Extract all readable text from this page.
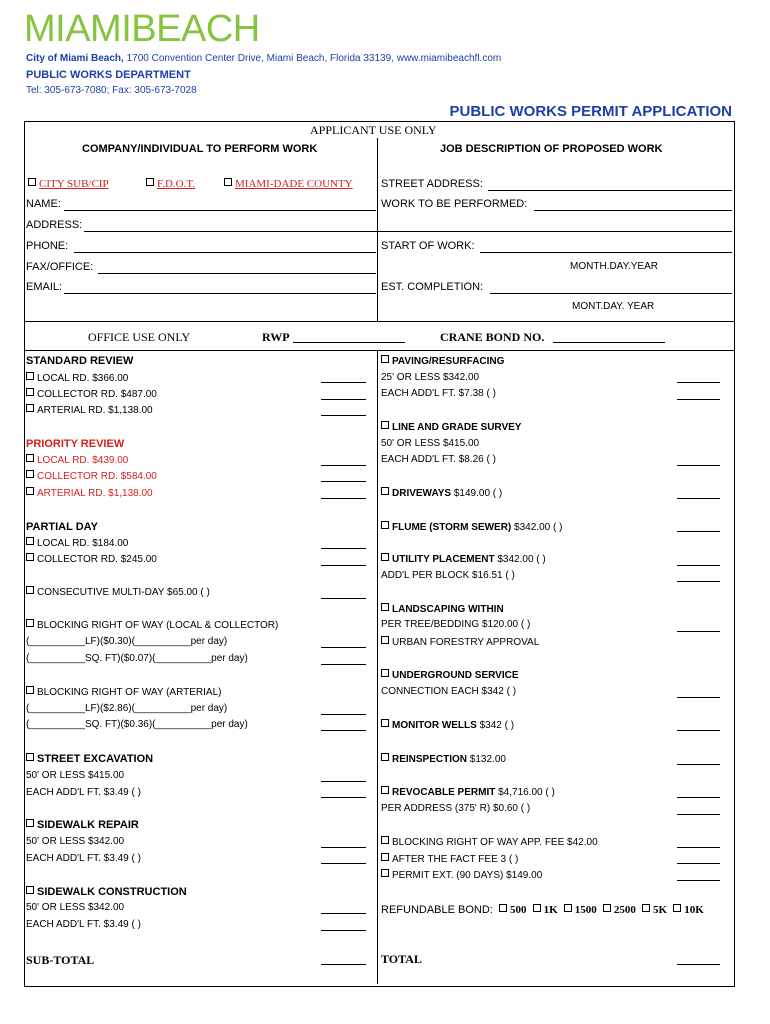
MIAMIBEACH
City of Miami Beach, 1700 Convention Center Drive, Miami Beach, Florida 33139, www.miamibeachfl.com
PUBLIC WORKS DEPARTMENT
Tel: 305-673-7080; Fax: 305-673-7028
PUBLIC WORKS PERMIT APPLICATION
APPLICANT USE ONLY
COMPANY/INDIVIDUAL TO PERFORM WORK	JOB DESCRIPTION OF PROPOSED WORK
CITY SUB/CIP	F.D.O.T.	MIAMI-DADE COUNTY
NAME:
ADDRESS:
PHONE:
FAX/OFFICE:
EMAIL:
STREET ADDRESS:
WORK TO BE PERFORMED:
START OF WORK:
MONTH.DAY.YEAR
EST. COMPLETION:
MONT.DAY. YEAR
OFFICE USE ONLY	RWP	CRANE BOND NO.
STANDARD REVIEW
LOCAL RD. $366.00
COLLECTOR RD. $487.00
ARTERIAL RD. $1,138.00
PRIORITY REVIEW
LOCAL RD. $439.00
COLLECTOR RD. $584.00
ARTERIAL RD. $1,138.00
PARTIAL DAY
LOCAL RD. $184.00
COLLECTOR RD. $245.00
CONSECUTIVE MULTI-DAY $65.00 ( )
BLOCKING RIGHT OF WAY (LOCAL & COLLECTOR)
(__________LF)($0.30)(__________per day)
(__________SQ. FT)($0.07)(__________per day)
BLOCKING RIGHT OF WAY (ARTERIAL)
(__________LF)($2.86)(__________per day)
(__________SQ. FT)($0.36)(__________per day)
STREET EXCAVATION
50' OR LESS $415.00
EACH ADD'L FT. $3.49 ( )
SIDEWALK REPAIR
50' OR LESS $342.00
EACH ADD'L FT. $3.49 ( )
SIDEWALK CONSTRUCTION
50' OR LESS $342.00
EACH ADD'L FT. $3.49 ( )
SUB-TOTAL
PAVING/RESURFACING
25' OR LESS $342.00
EACH ADD'L FT. $7.38 ( )
LINE AND GRADE SURVEY
50' OR LESS $415.00
EACH ADD'L FT. $8.26 ( )
DRIVEWAYS $149.00 ( )
FLUME (STORM SEWER) $342.00 ( )
UTILITY PLACEMENT $342.00 ( )
ADD'L PER BLOCK $16.51 ( )
LANDSCAPING WITHIN
PER TREE/BEDDING $120.00 ( )
URBAN FORESTRY APPROVAL
UNDERGROUND SERVICE
CONNECTION EACH $342 ( )
MONITOR WELLS $342 ( )
REINSPECTION $132.00
REVOCABLE PERMIT $4,716.00 ( )
PER ADDRESS (375' R) $0.60 ( )
BLOCKING RIGHT OF WAY APP. FEE $42.00
AFTER THE FACT FEE 3 ( )
PERMIT EXT. (90 DAYS) $149.00
REFUNDABLE BOND: 500 1K 1500 2500 5K 10K
TOTAL
